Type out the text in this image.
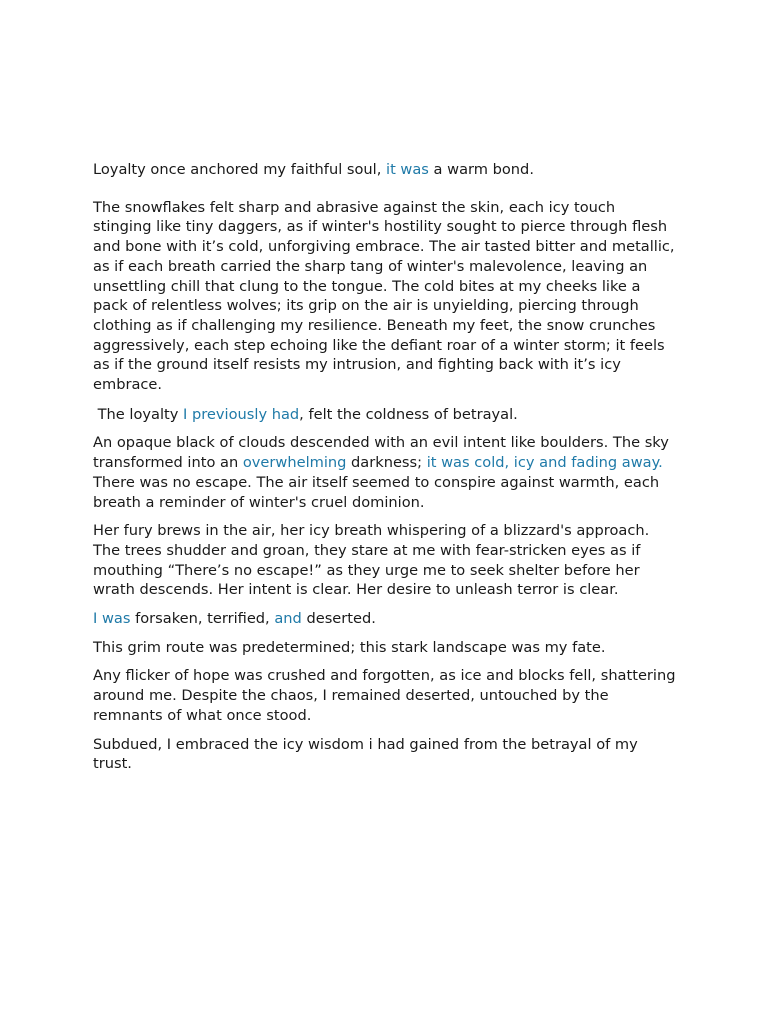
Loyalty once anchored my faithful soul, it was a warm bond.

The snowflakes felt sharp and abrasive against the skin, each icy touch stinging like tiny daggers, as if winter's hostility sought to pierce through flesh and bone with it’s cold, unforgiving embrace. The air tasted bitter and metallic, as if each breath carried the sharp tang of winter's malevolence, leaving an unsettling chill that clung to the tongue. The cold bites at my cheeks like a pack of relentless wolves; its grip on the air is unyielding, piercing through clothing as if challenging my resilience. Beneath my feet, the snow crunches aggressively, each step echoing like the defiant roar of a winter storm; it feels as if the ground itself resists my intrusion, and fighting back with it’s icy embrace.

The loyalty I previously had, felt the coldness of betrayal.

An opaque black of clouds descended with an evil intent like boulders. The sky transformed into an overwhelming darkness; it was cold, icy and fading away. There was no escape. The air itself seemed to conspire against warmth, each breath a reminder of winter's cruel dominion.

Her fury brews in the air, her icy breath whispering of a blizzard's approach. The trees shudder and groan, they stare at me with fear-stricken eyes as if mouthing “There’s no escape!” as they urge me to seek shelter before her wrath descends. Her intent is clear. Her desire to unleash terror is clear.

I was forsaken, terrified, and deserted.

This grim route was predetermined; this stark landscape was my fate.

Any flicker of hope was crushed and forgotten, as ice and blocks fell, shattering around me. Despite the chaos, I remained deserted, untouched by the remnants of what once stood.

Subdued, I embraced the icy wisdom i had gained from the betrayal of my trust.
